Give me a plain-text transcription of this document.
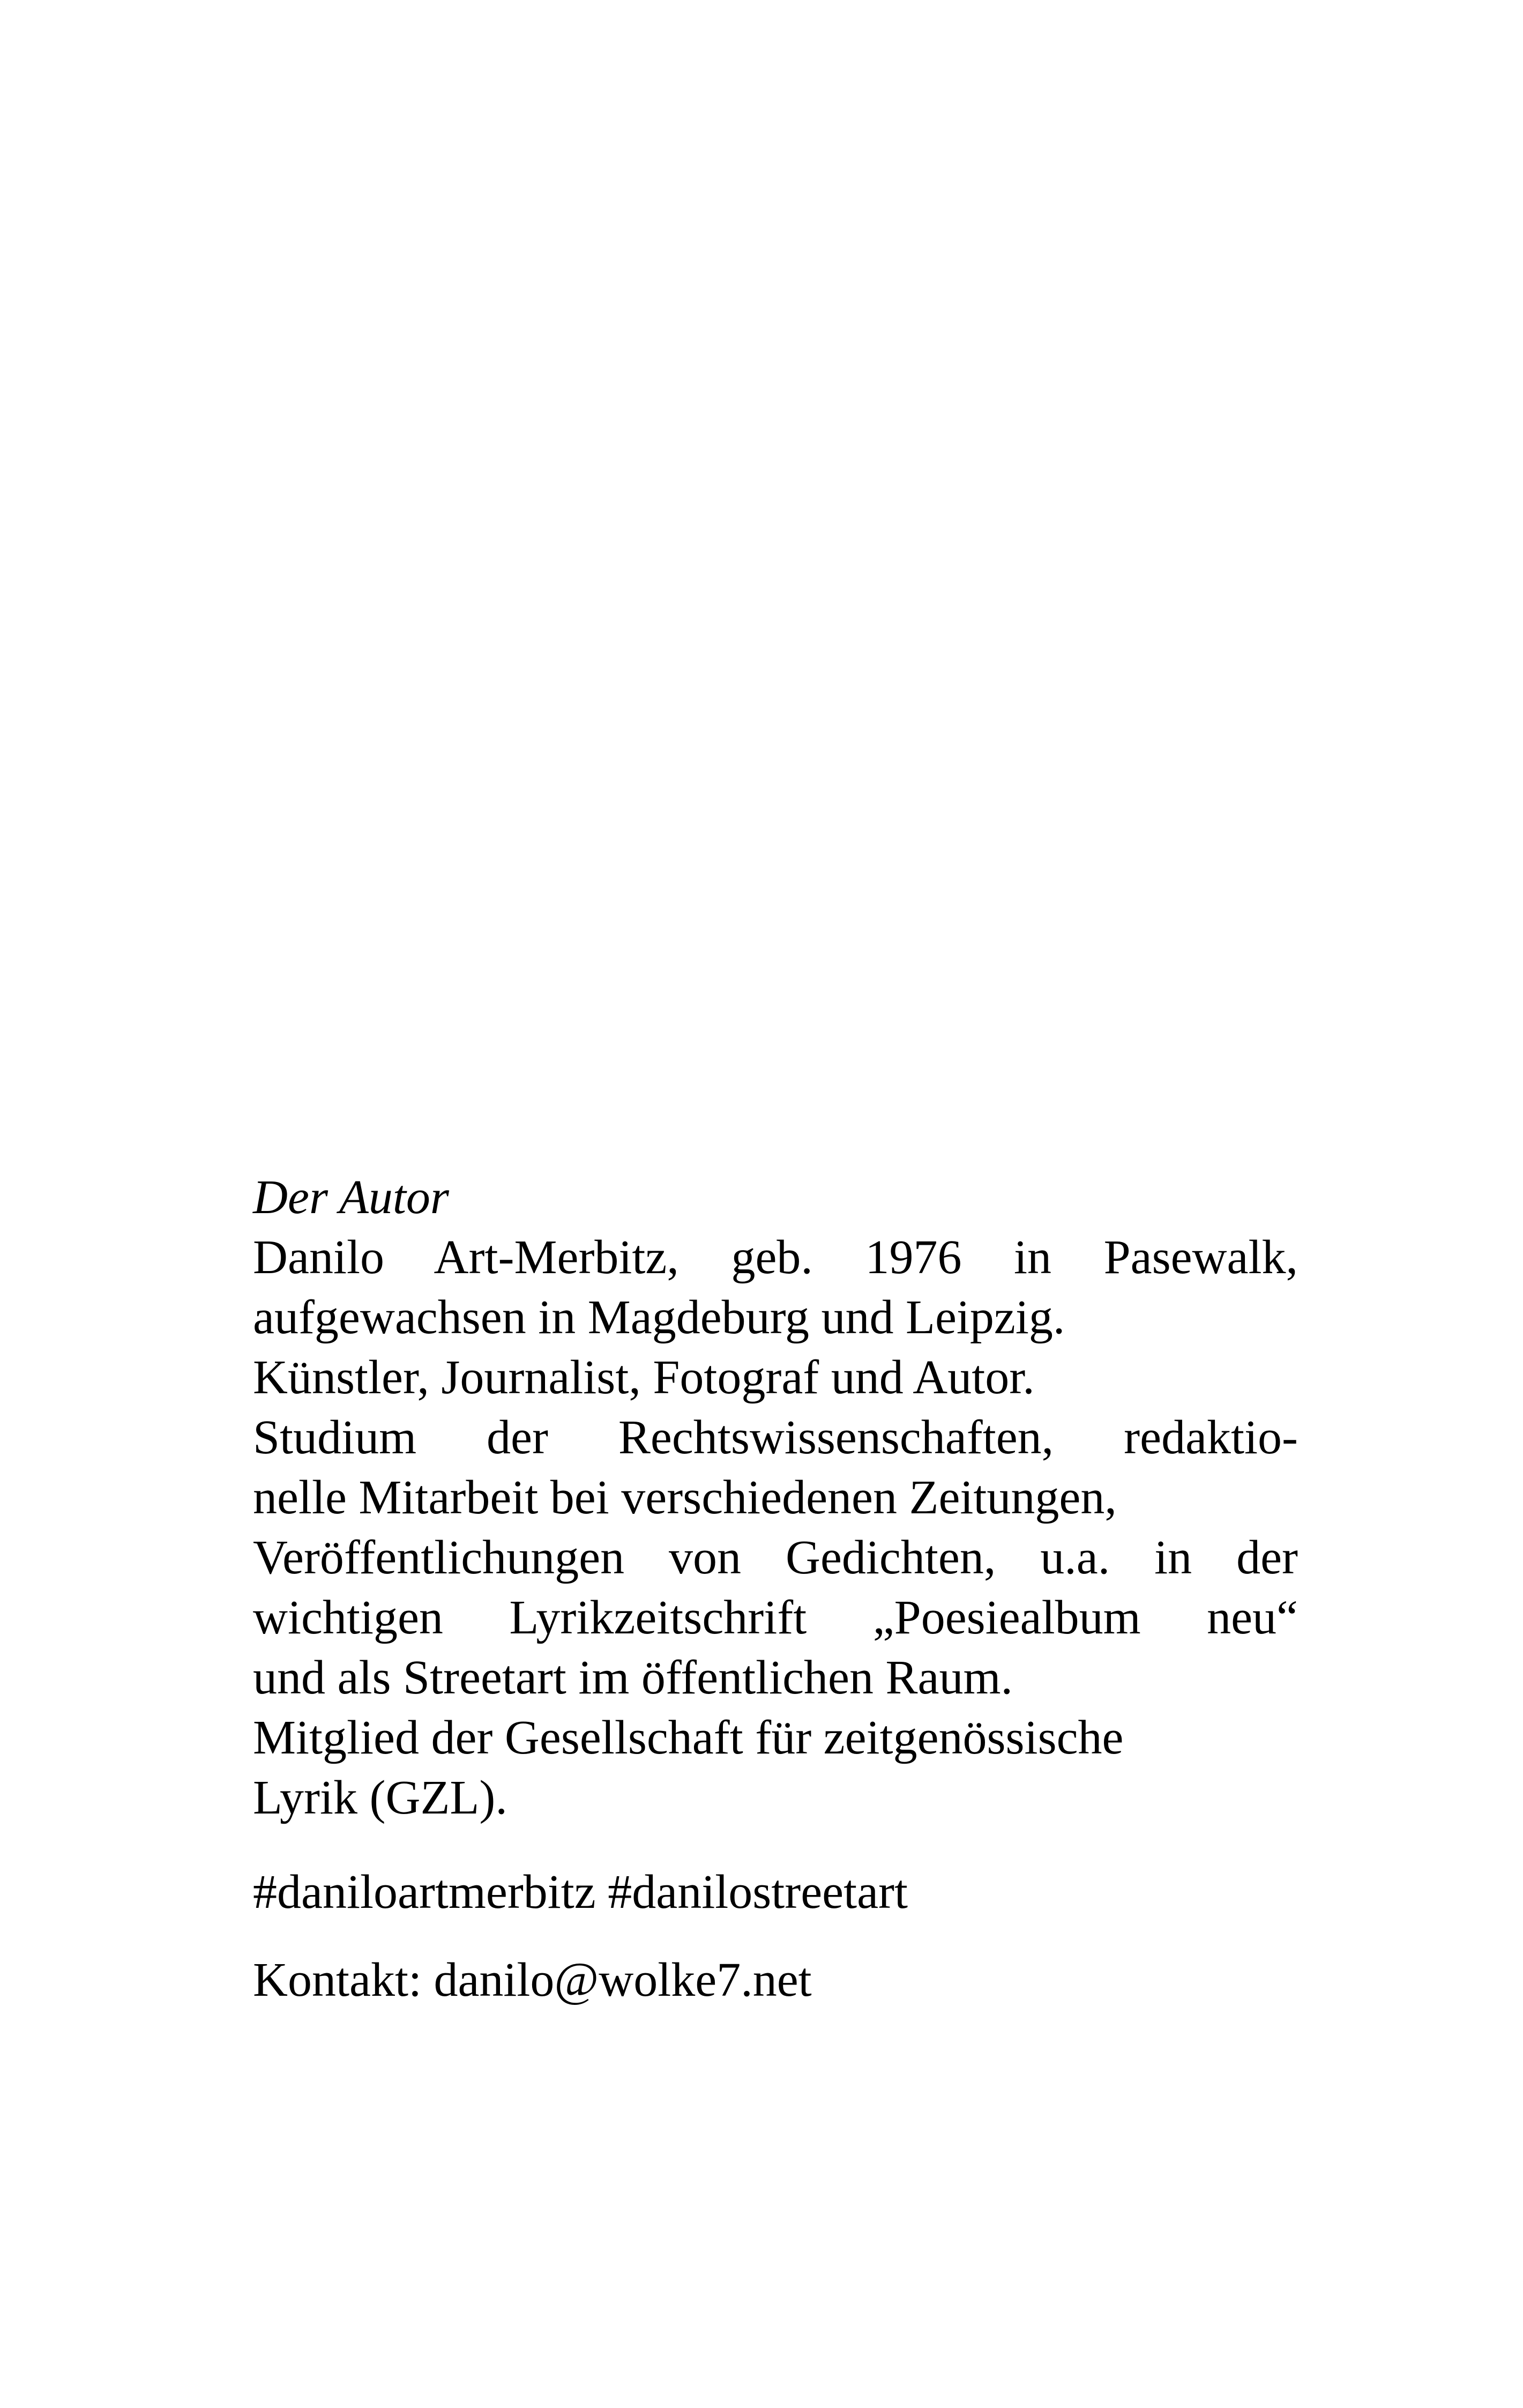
Der Autor

Danilo Art-Merbitz, geb. 1976 in Pasewalk,
aufgewachsen in Magdeburg und Leipzig.
Künstler, Journalist, Fotograf und Autor.
Studium der Rechtswissenschaften, redaktio-
nelle Mitarbeit bei verschiedenen Zeitungen,
Veröffentlichungen von Gedichten, u.a. in der
wichtigen Lyrikzeitschrift „Poesiealbum neu“
und als Streetart im öffentlichen Raum.
Mitglied der Gesellschaft für zeitgenössische
Lyrik (GZL).
#daniloartmerbitz #danilostreetart
Kontakt: danilo@wolke7.net
